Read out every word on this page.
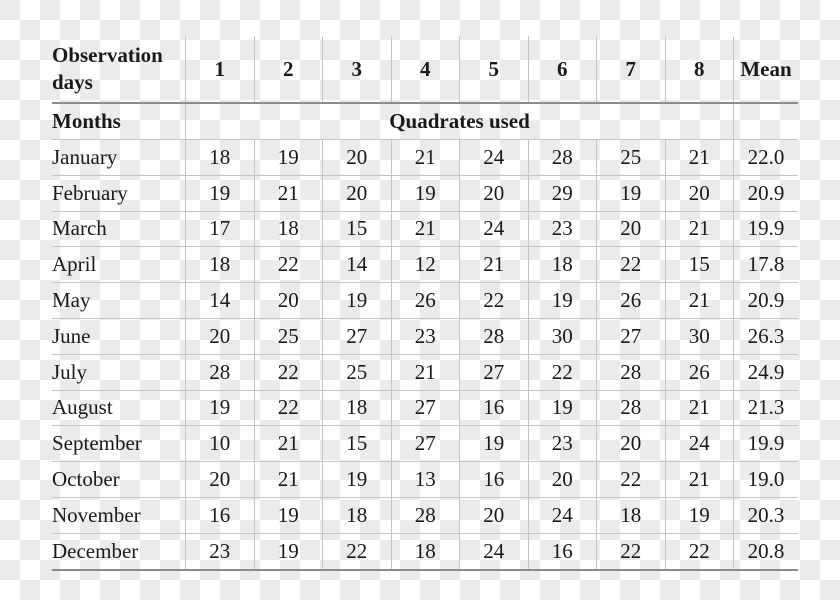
Observation days	1	2	3	4	5	6	7	8	Mean
Months	Quadrates used								
January	18	19	20	21	24	28	25	21	22.0
February	19	21	20	19	20	29	19	20	20.9
March	17	18	15	21	24	23	20	21	19.9
April	18	22	14	12	21	18	22	15	17.8
May	14	20	19	26	22	19	26	21	20.9
June	20	25	27	23	28	30	27	30	26.3
July	28	22	25	21	27	22	28	26	24.9
August	19	22	18	27	16	19	28	21	21.3
September	10	21	15	27	19	23	20	24	19.9
October	20	21	19	13	16	20	22	21	19.0
November	16	19	18	28	20	24	18	19	20.3
December	23	19	22	18	24	16	22	22	20.8
